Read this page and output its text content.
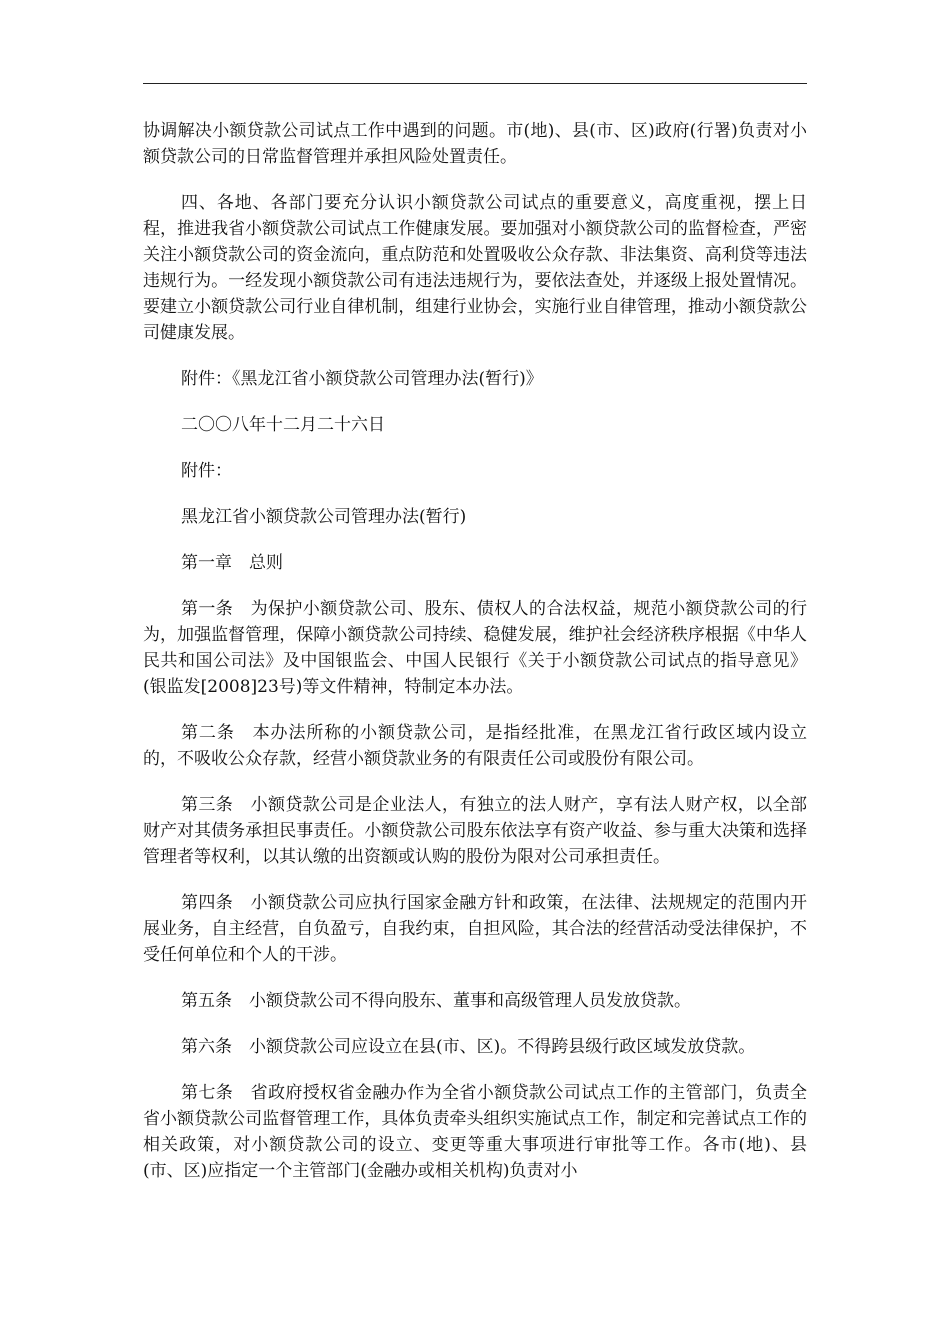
协调解决小额贷款公司试点工作中遇到的问题。市(地)、县(市、区)政府(行署)负责对小额贷款公司的日常监督管理并承担风险处置责任。

四、各地、各部门要充分认识小额贷款公司试点的重要意义，高度重视，摆上日程，推进我省小额贷款公司试点工作健康发展。要加强对小额贷款公司的监督检查，严密关注小额贷款公司的资金流向，重点防范和处置吸收公众存款、非法集资、高利贷等违法违规行为。一经发现小额贷款公司有违法违规行为，要依法查处，并逐级上报处置情况。要建立小额贷款公司行业自律机制，组建行业协会，实施行业自律管理，推动小额贷款公司健康发展。

附件：《黑龙江省小额贷款公司管理办法(暂行)》

二〇〇八年十二月二十六日

附件：

黑龙江省小额贷款公司管理办法(暂行)

第一章　总则

第一条　为保护小额贷款公司、股东、债权人的合法权益，规范小额贷款公司的行为，加强监督管理，保障小额贷款公司持续、稳健发展，维护社会经济秩序根据《中华人民共和国公司法》及中国银监会、中国人民银行《关于小额贷款公司试点的指导意见》(银监发[2008]23号)等文件精神，特制定本办法。

第二条　本办法所称的小额贷款公司，是指经批准，在黑龙江省行政区域内设立的，不吸收公众存款，经营小额贷款业务的有限责任公司或股份有限公司。

第三条　小额贷款公司是企业法人，有独立的法人财产，享有法人财产权，以全部财产对其债务承担民事责任。小额贷款公司股东依法享有资产收益、参与重大决策和选择管理者等权利，以其认缴的出资额或认购的股份为限对公司承担责任。

第四条　小额贷款公司应执行国家金融方针和政策，在法律、法规规定的范围内开展业务，自主经营，自负盈亏，自我约束，自担风险，其合法的经营活动受法律保护，不受任何单位和个人的干涉。

第五条　小额贷款公司不得向股东、董事和高级管理人员发放贷款。

第六条　小额贷款公司应设立在县(市、区)。不得跨县级行政区域发放贷款。

第七条　省政府授权省金融办作为全省小额贷款公司试点工作的主管部门，负责全省小额贷款公司监督管理工作，具体负责牵头组织实施试点工作，制定和完善试点工作的相关政策，对小额贷款公司的设立、变更等重大事项进行审批等工作。各市(地)、县(市、区)应指定一个主管部门(金融办或相关机构)负责对小
